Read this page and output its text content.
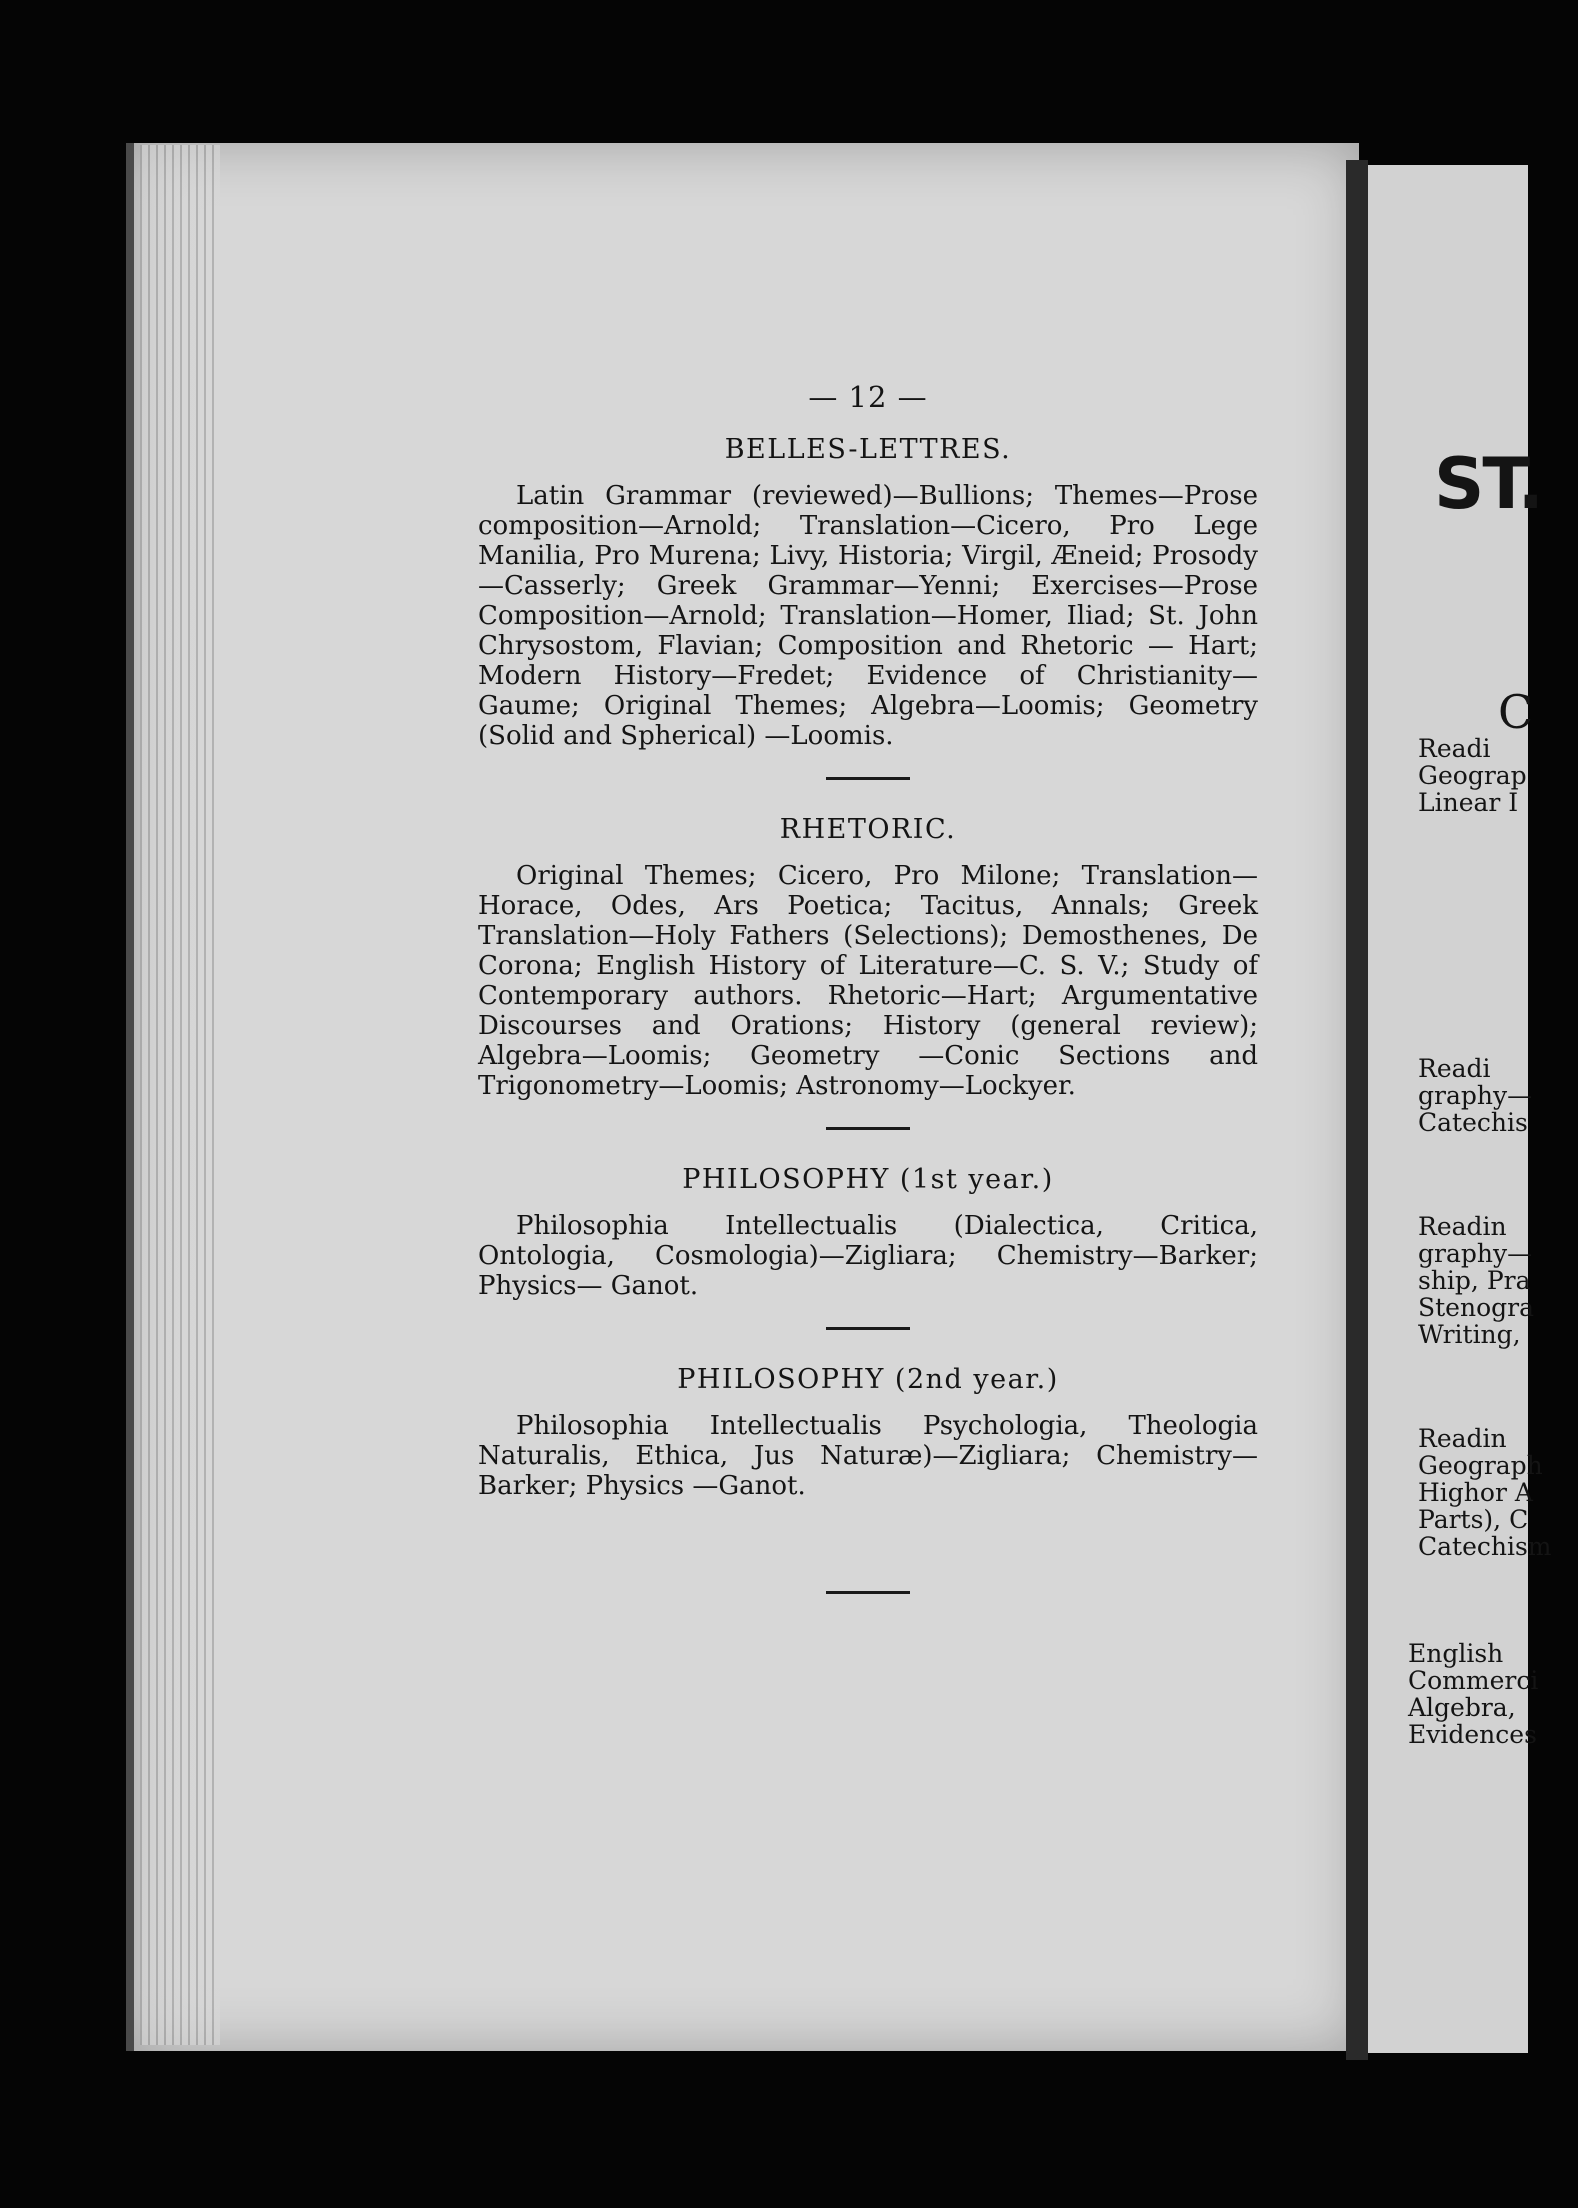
ST.
C
Readi
Geograp
Linear I
Readi
graphy—
Catechis
Readin
graphy—
ship, Pra
Stenogra
Writing,
Readin
Geograph
Highor A
Parts), C
Catechism
English
Commerci
Algebra,
Evidences
— 12 —
BELLES-LETTRES.

Latin Grammar (reviewed)—Bullions; Themes—Prose composition—Arnold; Translation—Cicero, Pro Lege Manilia, Pro Murena; Livy, Historia; Virgil, Æneid; Prosody—Casserly; Greek Grammar—Yenni; Exercises—Prose Composition—Arnold; Translation—Homer, Iliad; St. John Chrysostom, Flavian; Composition and Rhetoric — Hart; Modern History—Fredet; Evidence of Christianity—Gaume; Original Themes; Algebra—Loomis; Geometry (Solid and Spherical) —Loomis.

RHETORIC.

Original Themes; Cicero, Pro Milone; Translation—Horace, Odes, Ars Poetica; Tacitus, Annals; Greek Translation—Holy Fathers (Selections); Demosthenes, De Corona; English History of Literature—C. S. V.; Study of Contemporary authors. Rhetoric—Hart; Argumentative Discourses and Orations; History (general review); Algebra—Loomis; Geometry —Conic Sections and Trigonometry—Loomis; Astronomy—Lockyer.

PHILOSOPHY (1st year.)

Philosophia Intellectualis (Dialectica, Critica, Ontologia, Cosmologia)—Zigliara; Chemistry—Barker; Physics— Ganot.

PHILOSOPHY (2nd year.)

Philosophia Intellectualis Psychologia, Theologia Naturalis, Ethica, Jus Naturæ)—Zigliara; Chemistry—Barker; Physics —Ganot.
